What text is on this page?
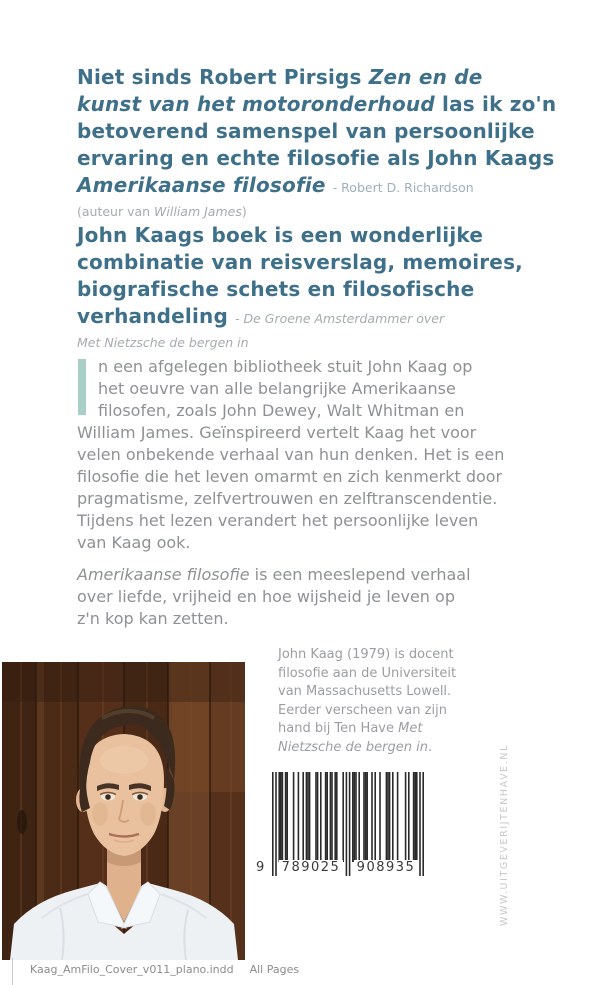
Niet sinds Robert Pirsigs Zen en de
kunst van het motoronderhoud las ik zo'n
betoverend samenspel van persoonlijke
ervaring en echte filosofie als John Kaags
Amerikaanse filosofie - Robert D. Richardson
(auteur van William James)
John Kaags boek is een wonderlijke
combinatie van reisverslag, memoires,
biografische schets en filosofische
verhandeling - De Groene Amsterdammer over
Met Nietzsche de bergen in
n een afgelegen bibliotheek stuit John Kaag op
het oeuvre van alle belangrijke Amerikaanse
filosofen, zoals John Dewey, Walt Whitman en
William James. Geïnspireerd vertelt Kaag het voor
velen onbekende verhaal van hun denken. Het is een
filosofie die het leven omarmt en zich kenmerkt door
pragmatisme, zelfvertrouwen en zelftranscendentie.
Tijdens het lezen verandert het persoonlijke leven
van Kaag ook.
Amerikaanse filosofie is een meeslepend verhaal
over liefde, vrijheid en hoe wijsheid je leven op
z'n kop kan zetten.
John Kaag (1979) is docent
filosofie aan de Universiteit
van Massachusetts Lowell.
Eerder verscheen van zijn
hand bij Ten Have Met
Nietzsche de bergen in.
9 789025 908935	WWW.UITGEVERIJTENHAVE.NL
Kaag_AmFilo_Cover_v011_plano.indd All Pages
